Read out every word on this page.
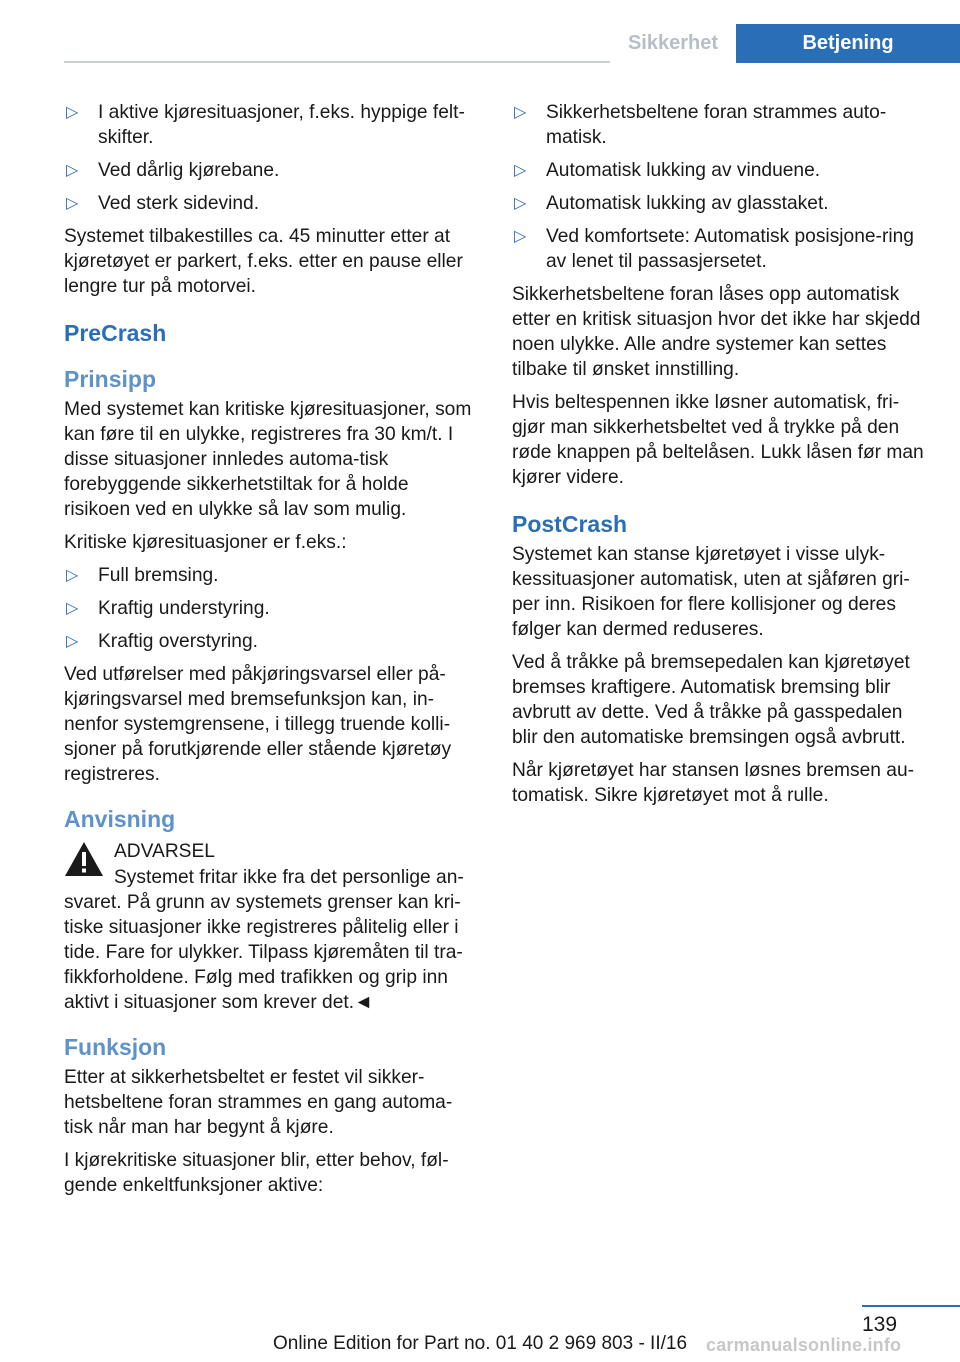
Sikkerhet	Betjening
▷ I aktive kjøresituasjoner, f.eks. hyppige felt-skifter.
▷ Ved dårlig kjørebane.
▷ Ved sterk sidevind.

Systemet tilbakestilles ca. 45 minutter etter at kjøretøyet er parkert, f.eks. etter en pause eller lengre tur på motorvei.

PreCrash
Prinsipp

Med systemet kan kritiske kjøresituasjoner, som kan føre til en ulykke, registreres fra 30 km/t. I disse situasjoner innledes automa-tisk forebyggende sikkerhetstiltak for å holde risikoen ved en ulykke så lav som mulig.

Kritiske kjøresituasjoner er f.eks.:

▷ Full bremsing.
▷ Kraftig understyring.
▷ Kraftig overstyring.

Ved utførelser med påkjøringsvarsel eller på-kjøringsvarsel med bremsefunksjon kan, in-nenfor systemgrensene, i tillegg truende kolli-sjoner på forutkjørende eller stående kjøretøy registreres.

Anvisning
ADVARSEL
Systemet fritar ikke fra det personlige an-
svaret. På grunn av systemets grenser kan kri-tiske situasjoner ikke registreres pålitelig eller i tide. Fare for ulykker. Tilpass kjøremåten til tra-fikkforholdene. Følg med trafikken og grip inn aktivt i situasjoner som krever det.◄
Funksjon

Etter at sikkerhetsbeltet er festet vil sikker-hetsbeltene foran strammes en gang automa-tisk når man har begynt å kjøre.

I kjørekritiske situasjoner blir, etter behov, føl-gende enkeltfunksjoner aktive:

▷ Sikkerhetsbeltene foran strammes auto-matisk.
▷ Automatisk lukking av vinduene.
▷ Automatisk lukking av glasstaket.
▷ Ved komfortsete: Automatisk posisjone-ring av lenet til passasjersetet.

Sikkerhetsbeltene foran låses opp automatisk etter en kritisk situasjon hvor det ikke har skjedd noen ulykke. Alle andre systemer kan settes tilbake til ønsket innstilling.

Hvis beltespennen ikke løsner automatisk, fri-gjør man sikkerhetsbeltet ved å trykke på den røde knappen på beltelåsen. Lukk låsen før man kjører videre.

PostCrash

Systemet kan stanse kjøretøyet i visse ulyk-kessituasjoner automatisk, uten at sjåføren gri-per inn. Risikoen for flere kollisjoner og deres følger kan dermed reduseres.

Ved å tråkke på bremsepedalen kan kjøretøyet bremses kraftigere. Automatisk bremsing blir avbrutt av dette. Ved å tråkke på gasspedalen blir den automatiske bremsingen også avbrutt.

Når kjøretøyet har stansen løsnes bremsen au-tomatisk. Sikre kjøretøyet mot å rulle.

139
Online Edition for Part no. 01 40 2 969 803 - II/16	carmanualsonline.info
